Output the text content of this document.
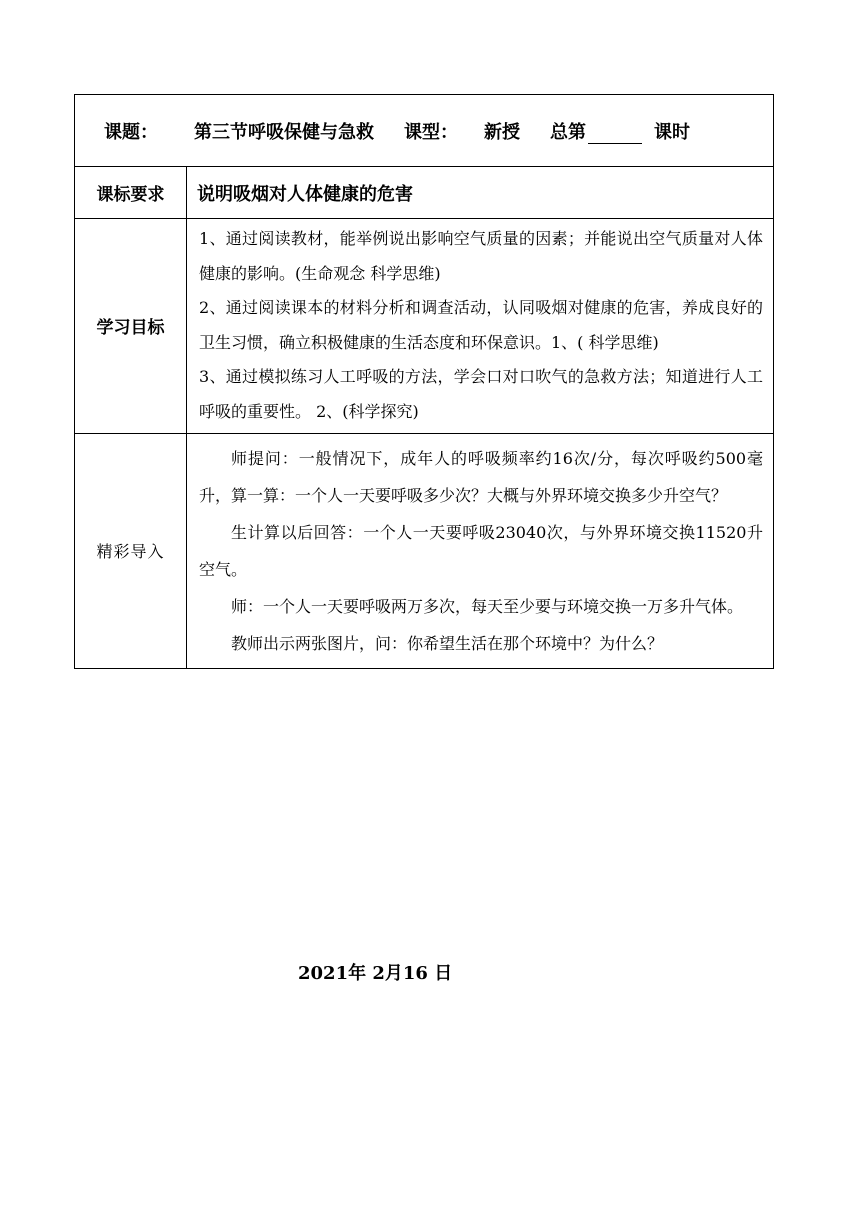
课题： 第三节呼吸保健与急救 课型： 新授 总第 课时	
课标要求	说明吸烟对人体健康的危害
学习目标	1、通过阅读教材，能举例说出影响空气质量的因素；并能说出空气质量对人体健康的影响。(生命观念 科学思维)

2、通过阅读课本的材料分析和调查活动，认同吸烟对健康的危害，养成良好的卫生习惯，确立积极健康的生活态度和环保意识。1、( 科学思维)

3、通过模拟练习人工呼吸的方法，学会口对口吹气的急救方法；知道进行人工呼吸的重要性。 2、(科学探究)

精彩导入	师提问：一般情况下，成年人的呼吸频率约16次/分，每次呼吸约500毫升，算一算：一个人一天要呼吸多少次？大概与外界环境交换多少升空气？

生计算以后回答：一个人一天要呼吸23040次，与外界环境交换11520升空气。

师：一个人一天要呼吸两万多次，每天至少要与环境交换一万多升气体。

教师出示两张图片，问：你希望生活在那个环境中？为什么？

2021年 2月16 日
